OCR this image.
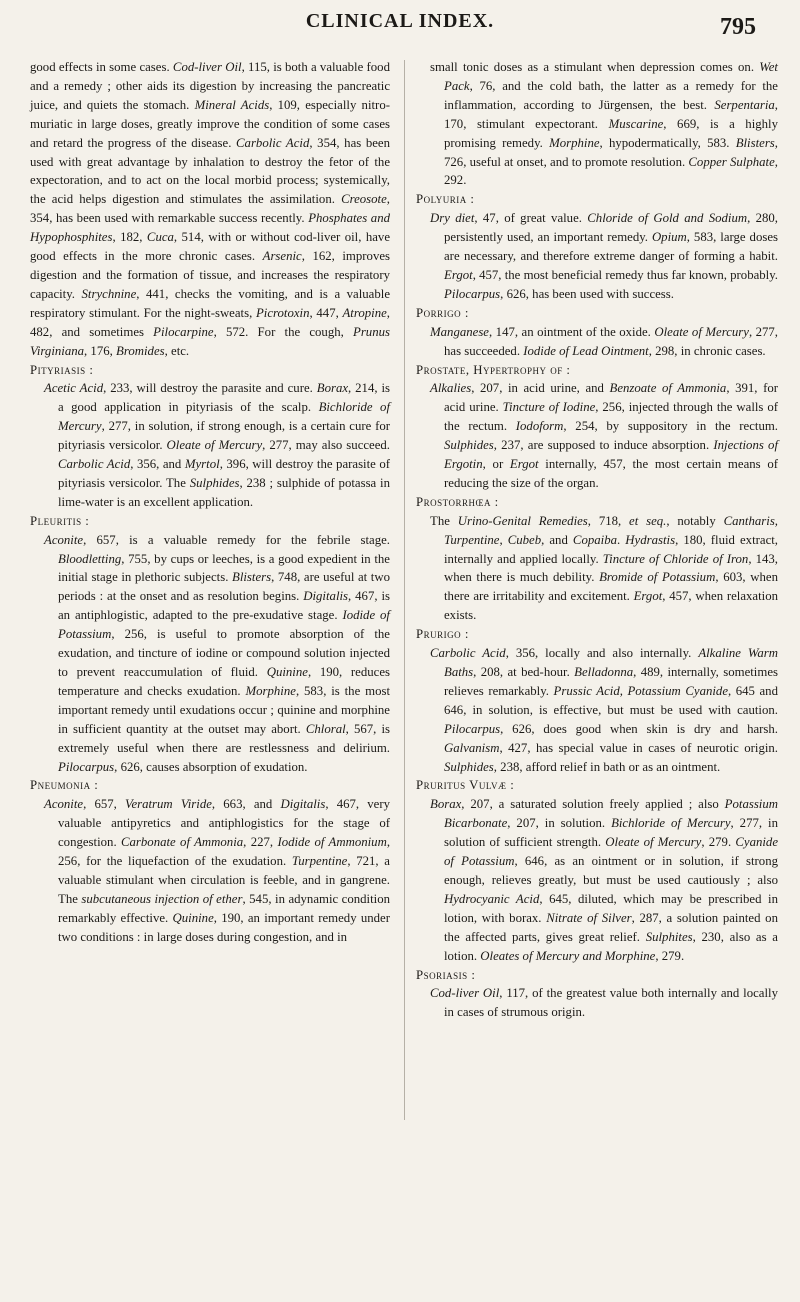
CLINICAL INDEX.	795

good effects in some cases. Cod-liver Oil, 115, is both a valuable food and a remedy ; other aids its digestion by increasing the pancreatic juice, and quiets the stomach. Mineral Acids, 109, especially nitro-muriatic in large doses, greatly improve the condition of some cases and retard the progress of the disease. Carbolic Acid, 354, has been used with great advantage by inhalation to destroy the fetor of the expectoration, and to act on the local morbid process; systemically, the acid helps digestion and stimulates the assimilation. Creosote, 354, has been used with remarkable success recently. Phosphates and Hypophosphites, 182, Cuca, 514, with or without cod-liver oil, have good effects in the more chronic cases. Arsenic, 162, improves digestion and the formation of tissue, and increases the respiratory capacity. Strychnine, 441, checks the vomiting, and is a valuable respiratory stimulant. For the night-sweats, Picrotoxin, 447, Atropine, 482, and sometimes Pilocarpine, 572. For the cough, Prunus Virginiana, 176, Bromides, etc.

Pityriasis :

Acetic Acid, 233, will destroy the parasite and cure. Borax, 214, is a good application in pityriasis of the scalp. Bichloride of Mercury, 277, in solution, if strong enough, is a certain cure for pityriasis versicolor. Oleate of Mercury, 277, may also succeed. Carbolic Acid, 356, and Myrtol, 396, will destroy the parasite of pityriasis versicolor. The Sulphides, 238 ; sulphide of potassa in lime-water is an excellent application.

Pleuritis :

Aconite, 657, is a valuable remedy for the febrile stage. Bloodletting, 755, by cups or leeches, is a good expedient in the initial stage in plethoric subjects. Blisters, 748, are useful at two periods : at the onset and as resolution begins. Digitalis, 467, is an antiphlogistic, adapted to the pre-exudative stage. Iodide of Potassium, 256, is useful to promote absorption of the exudation, and tincture of iodine or compound solution injected to prevent reaccumulation of fluid. Quinine, 190, reduces temperature and checks exudation. Morphine, 583, is the most important remedy until exudations occur ; quinine and morphine in sufficient quantity at the outset may abort. Chloral, 567, is extremely useful when there are restlessness and delirium. Pilocarpus, 626, causes absorption of exudation.

Pneumonia :

Aconite, 657, Veratrum Viride, 663, and Digitalis, 467, very valuable antipyretics and antiphlogistics for the stage of congestion. Carbonate of Ammonia, 227, Iodide of Ammonium, 256, for the liquefaction of the exudation. Turpentine, 721, a valuable stimulant when circulation is feeble, and in gangrene. The subcutaneous injection of ether, 545, in adynamic condition remarkably effective. Quinine, 190, an important remedy under two conditions : in large doses during congestion, and in

small tonic doses as a stimulant when depression comes on. Wet Pack, 76, and the cold bath, the latter as a remedy for the inflammation, according to Jürgensen, the best. Serpentaria, 170, stimulant expectorant. Muscarine, 669, is a highly promising remedy. Morphine, hypodermatically, 583. Blisters, 726, useful at onset, and to promote resolution. Copper Sulphate, 292.

Polyuria :

Dry diet, 47, of great value. Chloride of Gold and Sodium, 280, persistently used, an important remedy. Opium, 583, large doses are necessary, and therefore extreme danger of forming a habit. Ergot, 457, the most beneficial remedy thus far known, probably. Pilocarpus, 626, has been used with success.

Porrigo :

Manganese, 147, an ointment of the oxide. Oleate of Mercury, 277, has succeeded. Iodide of Lead Ointment, 298, in chronic cases.

Prostate, Hypertrophy of :

Alkalies, 207, in acid urine, and Benzoate of Ammonia, 391, for acid urine. Tincture of Iodine, 256, injected through the walls of the rectum. Iodoform, 254, by suppository in the rectum. Sulphides, 237, are supposed to induce absorption. Injections of Ergotin, or Ergot internally, 457, the most certain means of reducing the size of the organ.

Prostorrhœa :

The Urino-Genital Remedies, 718, et seq., notably Cantharis, Turpentine, Cubeb, and Copaiba. Hydrastis, 180, fluid extract, internally and applied locally. Tincture of Chloride of Iron, 143, when there is much debility. Bromide of Potassium, 603, when there are irritability and excitement. Ergot, 457, when relaxation exists.

Prurigo :

Carbolic Acid, 356, locally and also internally. Alkaline Warm Baths, 208, at bed-hour. Belladonna, 489, internally, sometimes relieves remarkably. Prussic Acid, Potassium Cyanide, 645 and 646, in solution, is effective, but must be used with caution. Pilocarpus, 626, does good when skin is dry and harsh. Galvanism, 427, has special value in cases of neurotic origin. Sulphides, 238, afford relief in bath or as an ointment.

Pruritus Vulvæ :

Borax, 207, a saturated solution freely applied ; also Potassium Bicarbonate, 207, in solution. Bichloride of Mercury, 277, in solution of sufficient strength. Oleate of Mercury, 279. Cyanide of Potassium, 646, as an ointment or in solution, if strong enough, relieves greatly, but must be used cautiously ; also Hydrocyanic Acid, 645, diluted, which may be prescribed in lotion, with borax. Nitrate of Silver, 287, a solution painted on the affected parts, gives great relief. Sulphites, 230, also as a lotion. Oleates of Mercury and Morphine, 279.

Psoriasis :

Cod-liver Oil, 117, of the greatest value both internally and locally in cases of strumous origin.
